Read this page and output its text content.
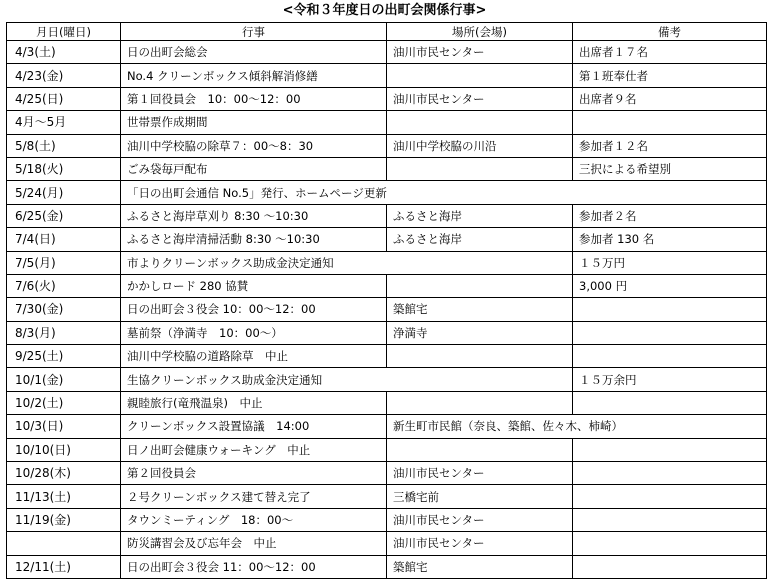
<令和３年度日の出町会関係行事>
月日(曜日)	行事	場所(会場)	備考
4/3(土)	日の出町会総会	油川市民センター	出席者１７名
4/23(金)	No.4 クリーンボックス傾斜解消修繕		第１班奉仕者
4/25(日)	第１回役員会　10：00～12：00	油川市民センター	出席者９名
4月～5月	世帯票作成期間		
5/8(土)	油川中学校脇の除草７：00～8：30	油川中学校脇の川沿	参加者１２名
5/18(火)	ごみ袋毎戸配布		三択による希望別
5/24(月)	「日の出町会通信 No.5」発行、ホームページ更新		
6/25(金)	ふるさと海岸草刈り 8:30 ～10:30	ふるさと海岸	参加者２名
7/4(日)	ふるさと海岸清掃活動 8:30 ～10:30	ふるさと海岸	参加者 130 名
7/5(月)	市よりクリーンボックス助成金決定通知		１５万円
7/6(火)	かかしロード 280 協賛		3,000 円
7/30(金)	日の出町会３役会 10：00～12：00	築館宅	
8/3(月)	墓前祭（浄満寺　10：00～）	浄満寺	
9/25(土)	油川中学校脇の道路除草　中止		
10/1(金)	生協クリーンボックス助成金決定通知		１５万余円
10/2(土)	親睦旅行(竜飛温泉)　中止		
10/3(日)	クリーンボックス設置協議　14:00	新生町市民館（奈良、築館、佐々木、柿崎）	
10/10(日)	日ノ出町会健康ウォーキング　中止		
10/28(木)	第２回役員会	油川市民センター	
11/13(土)	２号クリーンボックス建て替え完了	三橋宅前	
11/19(金)	タウンミーティング　18：00～	油川市民センター	
	防災講習会及び忘年会　中止	油川市民センター	
12/11(土)	日の出町会３役会 11：00～12：00	築館宅	
